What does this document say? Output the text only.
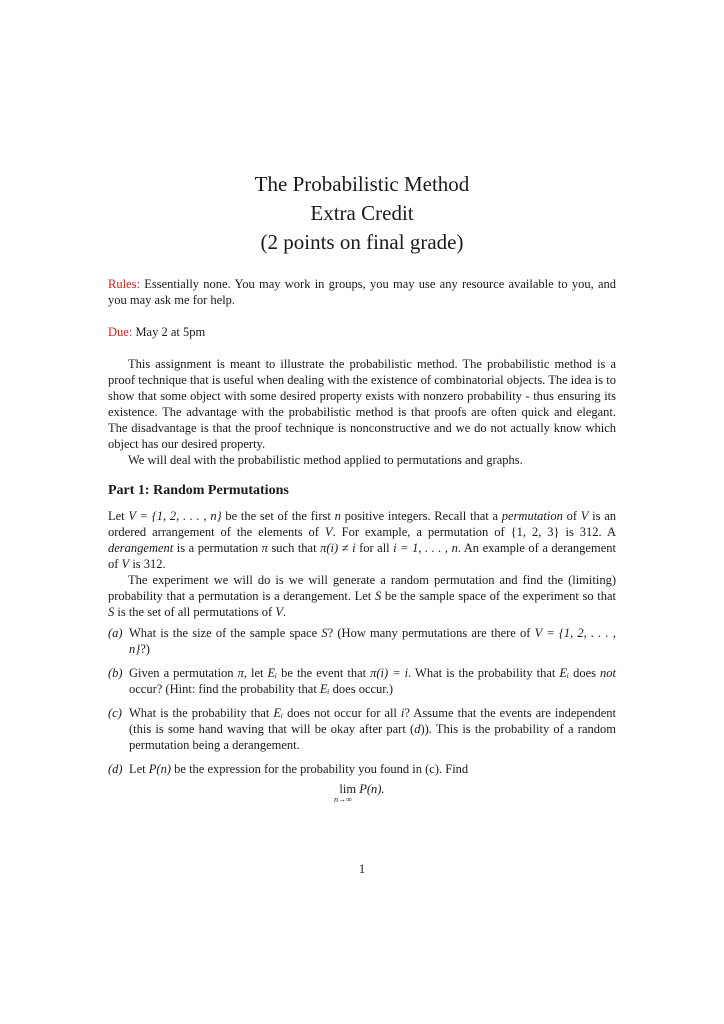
The Probabilistic Method
Extra Credit
(2 points on final grade)

Rules: Essentially none. You may work in groups, you may use any resource available to you, and you may ask me for help.

Due: May 2 at 5pm

This assignment is meant to illustrate the probabilistic method. The probabilistic method is a proof technique that is useful when dealing with the existence of combinatorial objects. The idea is to show that some object with some desired property exists with nonzero probability - thus ensuring its existence. The advantage with the probabilistic method is that proofs are often quick and elegant. The disadvantage is that the proof technique is nonconstructive and we do not actually know which object has our desired property.

We will deal with the probabilistic method applied to permutations and graphs.

Part 1: Random Permutations

Let V = {1, 2, . . . , n} be the set of the first n positive integers. Recall that a permutation of V is an ordered arrangement of the elements of V. For example, a permutation of {1, 2, 3} is 312. A derangement is a permutation π such that π(i) ≠ i for all i = 1, . . . , n. An example of a derangement of V is 312.

The experiment we will do is we will generate a random permutation and find the (limiting) probability that a permutation is a derangement. Let S be the sample space of the experiment so that S is the set of all permutations of V.

(a) What is the size of the sample space S? (How many permutations are there of V = {1, 2, . . . , n}?)
(b) Given a permutation π, let Eᵢ be the event that π(i) = i. What is the probability that Eᵢ does not occur? (Hint: find the probability that Eᵢ does occur.)
(c) What is the probability that Eᵢ does not occur for all i? Assume that the events are independent (this is some hand waving that will be okay after part (d)). This is the probability of a random permutation being a derangement.
(d) Let P(n) be the expression for the probability you found in (c). Find
lim P(n).
n→∞
1
